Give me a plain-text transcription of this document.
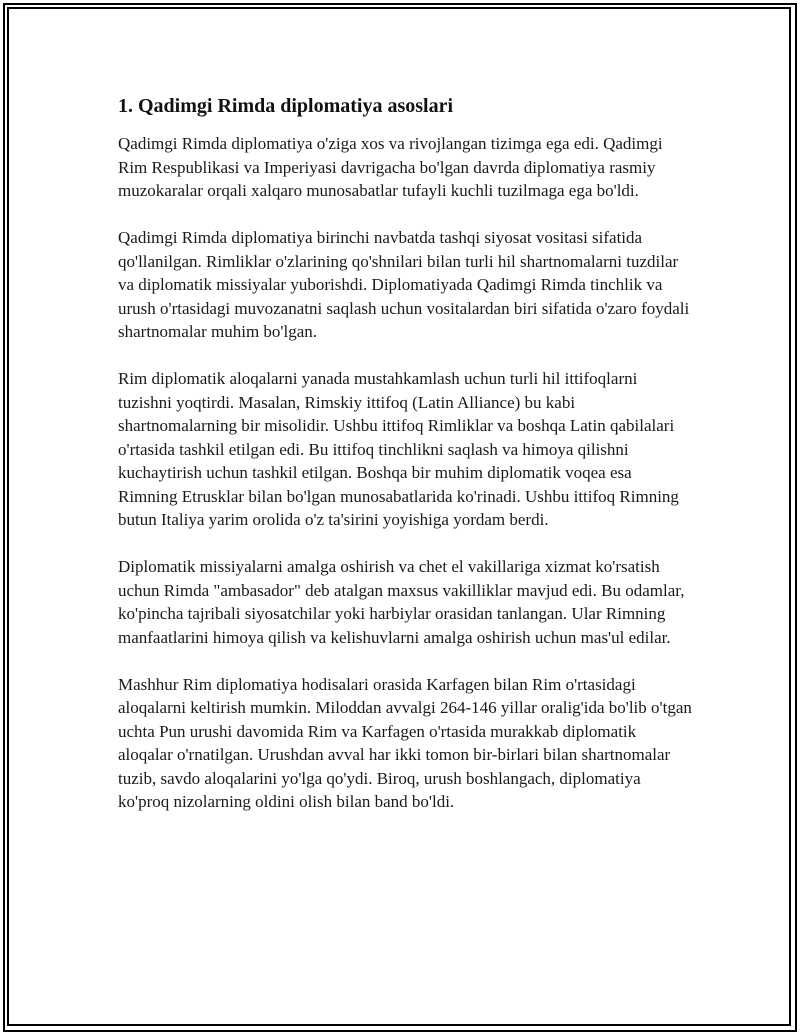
1. Qadimgi Rimda diplomatiya asoslari

Qadimgi Rimda diplomatiya o'ziga xos va rivojlangan tizimga ega edi. Qadimgi Rim Respublikasi va Imperiyasi davrigacha bo'lgan davrda diplomatiya rasmiy muzokaralar orqali xalqaro munosabatlar tufayli kuchli tuzilmaga ega bo'ldi.

Qadimgi Rimda diplomatiya birinchi navbatda tashqi siyosat vositasi sifatida qo'llanilgan. Rimliklar o'zlarining qo'shnilari bilan turli hil shartnomalarni tuzdilar va diplomatik missiyalar yuborishdi. Diplomatiyada Qadimgi Rimda tinchlik va urush o'rtasidagi muvozanatni saqlash uchun vositalardan biri sifatida o'zaro foydali shartnomalar muhim bo'lgan.

Rim diplomatik aloqalarni yanada mustahkamlash uchun turli hil ittifoqlarni tuzishni yoqtirdi. Masalan, Rimskiy ittifoq (Latin Alliance) bu kabi shartnomalarning bir misolidir. Ushbu ittifoq Rimliklar va boshqa Latin qabilalari o'rtasida tashkil etilgan edi. Bu ittifoq tinchlikni saqlash va himoya qilishni kuchaytirish uchun tashkil etilgan. Boshqa bir muhim diplomatik voqea esa Rimning Etrusklar bilan bo'lgan munosabatlarida ko'rinadi. Ushbu ittifoq Rimning butun Italiya yarim orolida o'z ta'sirini yoyishiga yordam berdi.

Diplomatik missiyalarni amalga oshirish va chet el vakillariga xizmat ko'rsatish uchun Rimda "ambasador" deb atalgan maxsus vakilliklar mavjud edi. Bu odamlar, ko'pincha tajribali siyosatchilar yoki harbiylar orasidan tanlangan. Ular Rimning manfaatlarini himoya qilish va kelishuvlarni amalga oshirish uchun mas'ul edilar.

Mashhur Rim diplomatiya hodisalari orasida Karfagen bilan Rim o'rtasidagi aloqalarni keltirish mumkin. Miloddan avvalgi 264-146 yillar oralig'ida bo'lib o'tgan uchta Pun urushi davomida Rim va Karfagen o'rtasida murakkab diplomatik aloqalar o'rnatilgan. Urushdan avval har ikki tomon bir-birlari bilan shartnomalar tuzib, savdo aloqalarini yo'lga qo'ydi. Biroq, urush boshlangach, diplomatiya ko'proq nizolarning oldini olish bilan band bo'ldi.
